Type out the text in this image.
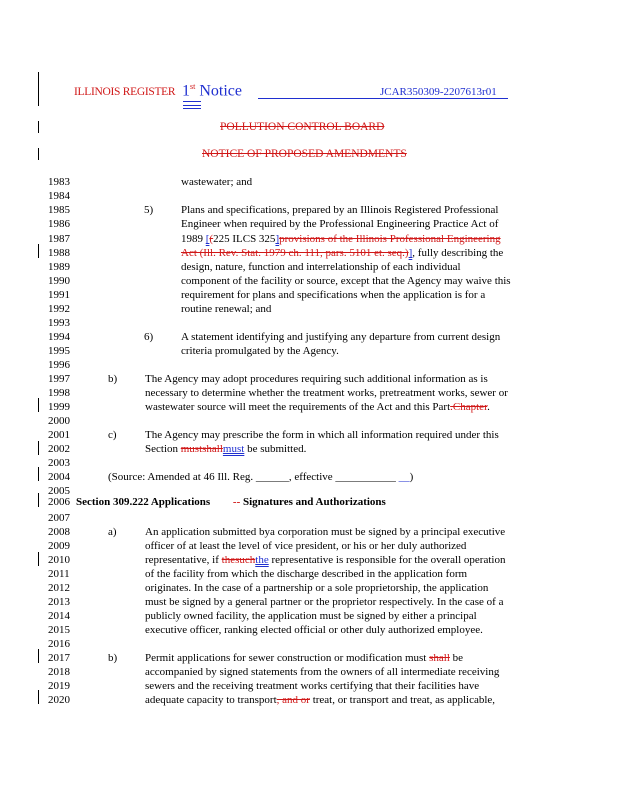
ILLINOIS REGISTER 1st Notice	JCAR350309-2207613r01
POLLUTION CONTROL BOARD
NOTICE OF PROPOSED AMENDMENTS
1983
1984
1985
1986
1987
1988
1989
1990
1991
1992
1993
1994
1995
1996
1997
1998
1999
2000
2001
2002
2003
2004
2005
2006
2007
2008
2009
2010
2011
2012
2013
2014
2015
2016
2017
2018
2019
2020
5)
6)
b)
c)
a)
b)
wastewater; and
Plans and specifications, prepared by an Illinois Registered Professional
Engineer when required by the Professional Engineering Practice Act of
1989 [(225 ILCS 325]provisions of the Illinois Professional Engineering
Act (Ill. Rev. Stat. 1979 ch. 111, pars. 5101 et. seq.)], fully describing the
design, nature, function and interrelationship of each individual
component of the facility or source, except that the Agency may waive this
requirement for plans and specifications when the application is for a
routine renewal; and
A statement identifying and justifying any departure from current design
criteria promulgated by the Agency.
The Agency may adopt procedures requiring such additional information as is
necessary to determine whether the treatment works, pretreatment works, sewer or
wastewater source will meet the requirements of the Act and this Part.Chapter.
The Agency may prescribe the form in which all information required under this
Section mustshallmust be submitted.
(Source: Amended at 46 Ill. Reg. ______, effective ___________ __)
Section 309.222 Applications -- Signatures and Authorizations
An application submitted bya corporation must be signed by a principal executive
officer of at least the level of vice president, or his or her duly authorized
representative, if thesuchthe representative is responsible for the overall operation
of the facility from which the discharge described in the application form
originates. In the case of a partnership or a sole proprietorship, the application
must be signed by a general partner or the proprietor respectively. In the case of a
publicly owned facility, the application must be signed by either a principal
executive officer, ranking elected official or other duly authorized employee.
Permit applications for sewer construction or modification must shall be
accompanied by signed statements from the owners of all intermediate receiving
sewers and the receiving treatment works certifying that their facilities have
adequate capacity to transport, and or treat, or transport and treat, as applicable,
